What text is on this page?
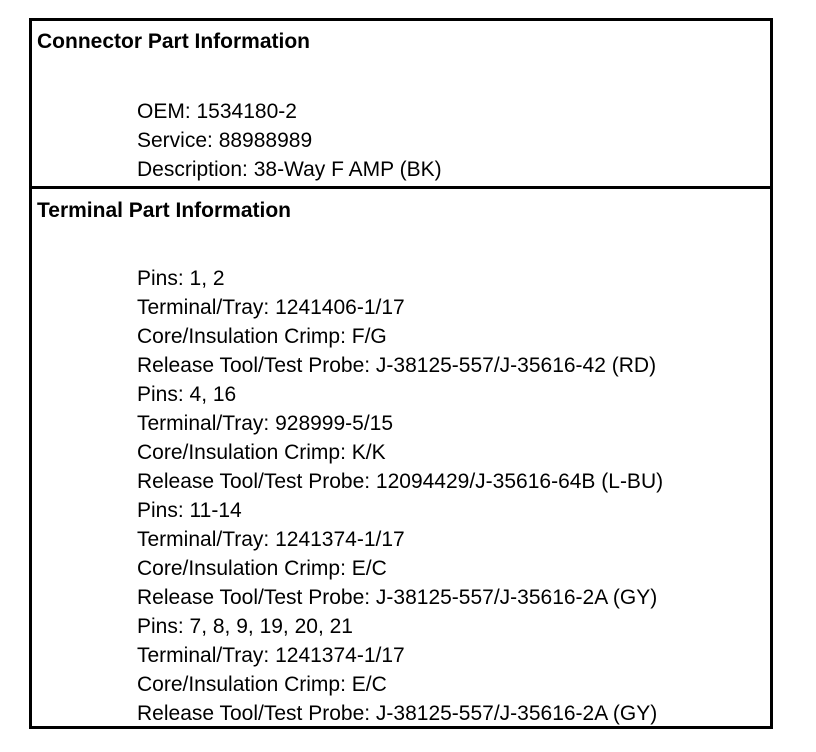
Connector Part Information
OEM: 1534180-2
Service: 88988989
Description: 38-Way F AMP (BK)
Terminal Part Information
Pins: 1, 2
Terminal/Tray: 1241406-1/17
Core/Insulation Crimp: F/G
Release Tool/Test Probe: J-38125-557/J-35616-42 (RD)
Pins: 4, 16
Terminal/Tray: 928999-5/15
Core/Insulation Crimp: K/K
Release Tool/Test Probe: 12094429/J-35616-64B (L-BU)
Pins: 11-14
Terminal/Tray: 1241374-1/17
Core/Insulation Crimp: E/C
Release Tool/Test Probe: J-38125-557/J-35616-2A (GY)
Pins: 7, 8, 9, 19, 20, 21
Terminal/Tray: 1241374-1/17
Core/Insulation Crimp: E/C
Release Tool/Test Probe: J-38125-557/J-35616-2A (GY)
